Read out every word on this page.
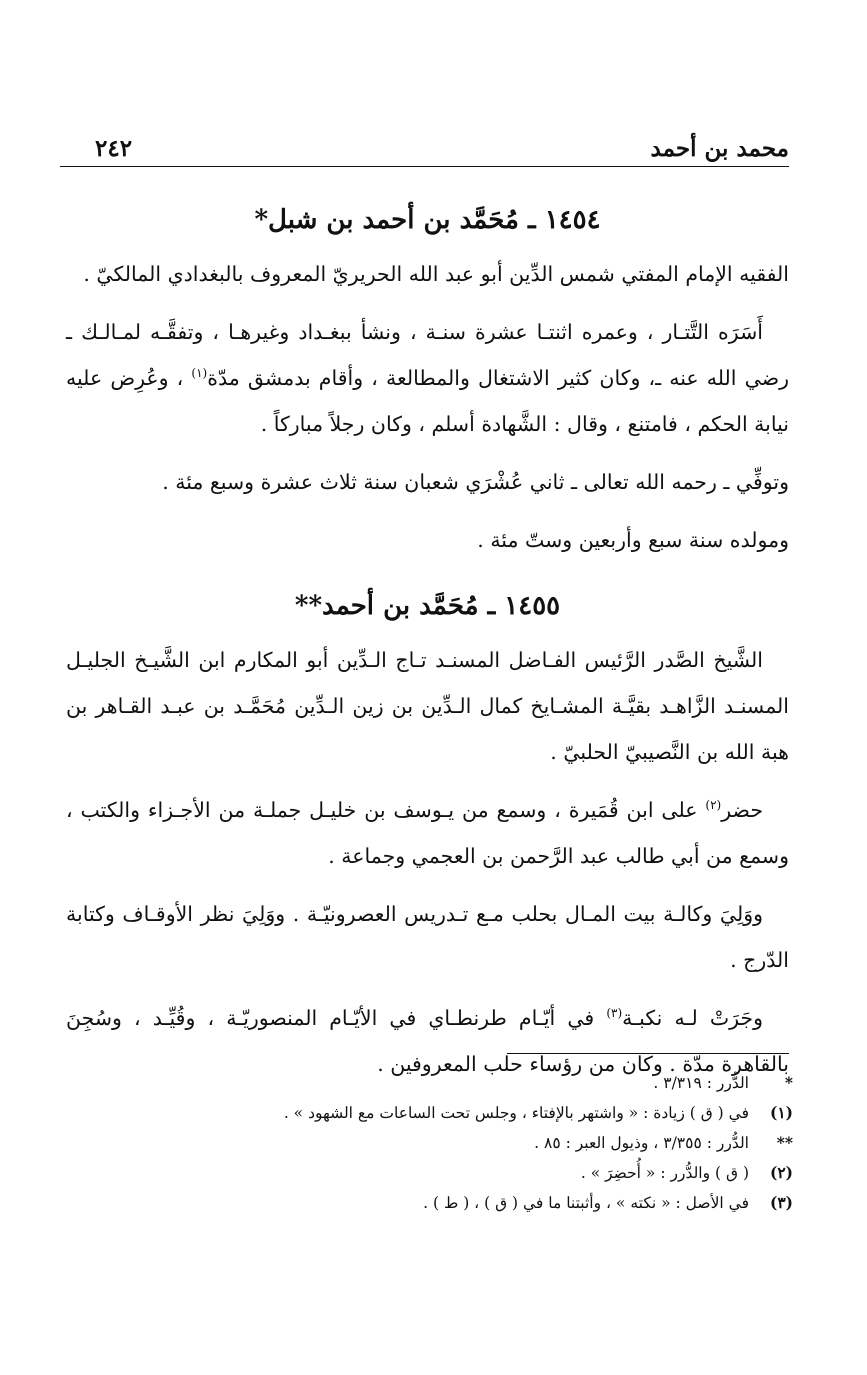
محمد بن أحمد
٢٤٢
١٤٥٤ ـ مُحَمَّد بن أحمد بن شبل*

الفقيه الإمام المفتي شمس الدِّين أبو عبد الله الحريريّ المعروف بالبغدادي المالكيّ .

أَسَرَه التَّتـار ، وعمره اثنتـا عشرة سنـة ، ونشأ ببغـداد وغيرهـا ، وتفقَّـه لمـالـك ـ رضي الله عنه ـ، وكان كثير الاشتغال والمطالعة ، وأقام بدمشق مدّة$^{(١)}$ ، وعُرِض عليه نيابة الحكم ، فامتنع ، وقال : الشَّهادة أسلم ، وكان رجلاً مباركاً .

وتوفِّي ـ رحمه الله تعالى ـ ثاني عُشْرَي شعبان سنة ثلاث عشرة وسبع مئة .

ومولده سنة سبع وأربعين وستّ مئة .

١٤٥٥ ـ مُحَمَّد بن أحمد**

الشَّيخ الصَّدر الرَّئيس الفـاضل المسنـد تـاج الـدِّين أبو المكارم ابن الشَّيـخ الجليـل المسنـد الزَّاهـد بقيَّـة المشـايخ كمال الـدِّين بن زين الـدِّين مُحَمَّـد بن عبـد القـاهر بن هبة الله بن النَّصيبيّ الحلبيّ .

حضر$^{(٢)}$ على ابن قُمَيرة ، وسمع من يـوسف بن خليـل جملـة من الأجـزاء والكتب ، وسمع من أبي طالب عبد الرَّحمن بن العجمي وجماعة .

ووَلِيَ وكالـة بيت المـال بحلب مـع تـدريس العصرونيّـة . ووَلِيَ نظر الأوقـاف وكتابة الدّرج .

وجَرَتْ لـه نكبـة$^{(٣)}$ في أيّـام طرنطـاي في الأيّـام المنصوريّـة ، وقُيِّـد ، وسُجِنَ بالقاهرة مدّة . وكان من رؤساء حلب المعروفين .

*
الدُّرر : ٣/٣١٩ .
(١)
في ( ق ) زيادة : « واشتهر بالإفتاء ، وجلس تحت الساعات مع الشهود » .
**
الدُّرر : ٣/٣٥٥ ، وذيول العبر : ٨٥ .
(٢)
( ق ) والدُّرر : « أُحضِرَ » .
(٣)
في الأصل : « نكته » ، وأثبتنا ما في ( ق ) ، ( ط ) .
